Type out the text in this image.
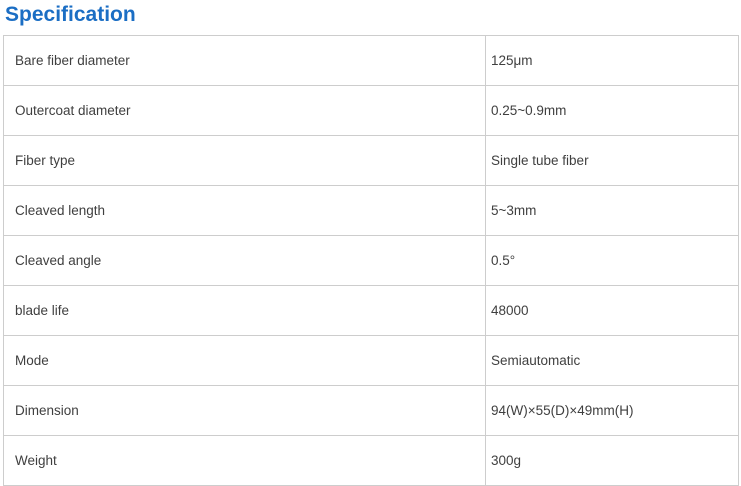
Specification
Bare fiber diameter	125μm
Outercoat diameter	0.25~0.9mm
Fiber type	Single tube fiber
Cleaved length	5~3mm
Cleaved angle	0.5°
blade life	48000
Mode	Semiautomatic
Dimension	94(W)×55(D)×49mm(H)
Weight	300g
